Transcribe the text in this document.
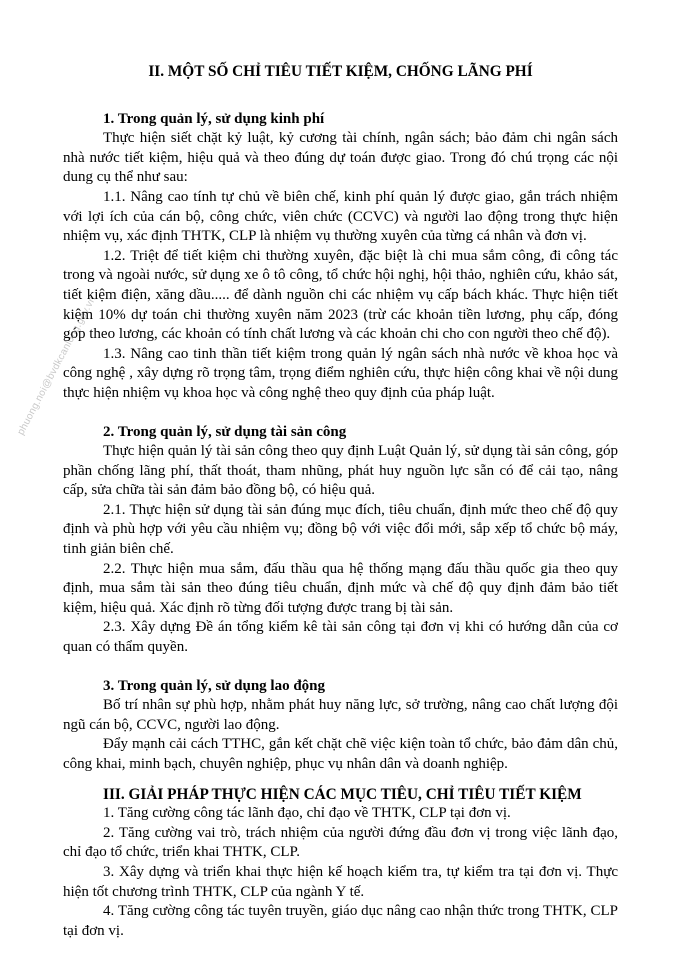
phuong.noi@bvdkcanlong.gov.vn
II. MỘT SỐ CHỈ TIÊU TIẾT KIỆM, CHỐNG LÃNG PHÍ
1. Trong quản lý, sử dụng kinh phí

Thực hiện siết chặt kỷ luật, kỷ cương tài chính, ngân sách; bảo đảm chi ngân sách nhà nước tiết kiệm, hiệu quả và theo đúng dự toán được giao. Trong đó chú trọng các nội dung cụ thể như sau:

1.1. Nâng cao tính tự chủ về biên chế, kinh phí quản lý được giao, gắn trách nhiệm với lợi ích của cán bộ, công chức, viên chức (CCVC) và người lao động trong thực hiện nhiệm vụ, xác định THTK, CLP là nhiệm vụ thường xuyên của từng cá nhân và đơn vị.

1.2. Triệt để tiết kiệm chi thường xuyên, đặc biệt là chi mua sắm công, đi công tác trong và ngoài nước, sử dụng xe ô tô công, tổ chức hội nghị, hội thảo, nghiên cứu, khảo sát, tiết kiệm điện, xăng dầu..... để dành nguồn chi các nhiệm vụ cấp bách khác. Thực hiện tiết kiệm 10% dự toán chi thường xuyên năm 2023 (trừ các khoản tiền lương, phụ cấp, đóng góp theo lương, các khoản có tính chất lương và các khoản chi cho con người theo chế độ).

1.3. Nâng cao tinh thần tiết kiệm trong quản lý ngân sách nhà nước về khoa học và công nghệ , xây dựng rõ trọng tâm, trọng điểm nghiên cứu, thực hiện công khai về nội dung thực hiện nhiệm vụ khoa học và công nghệ theo quy định của pháp luật.

2. Trong quản lý, sử dụng tài sản công

Thực hiện quản lý tài sản công theo quy định Luật Quản lý, sử dụng tài sản công, góp phần chống lãng phí, thất thoát, tham nhũng, phát huy nguồn lực sẵn có để cải tạo, nâng cấp, sửa chữa tài sản đảm bảo đồng bộ, có hiệu quả.

2.1. Thực hiện sử dụng tài sản đúng mục đích, tiêu chuẩn, định mức theo chế độ quy định và phù hợp với yêu cầu nhiệm vụ; đồng bộ với việc đổi mới, sắp xếp tổ chức bộ máy, tinh giản biên chế.

2.2. Thực hiện mua sắm, đấu thầu qua hệ thống mạng đấu thầu quốc gia theo quy định, mua sắm tài sản theo đúng tiêu chuẩn, định mức và chế độ quy định đảm bảo tiết kiệm, hiệu quả. Xác định rõ từng đối tượng được trang bị tài sản.

2.3. Xây dựng Đề án tổng kiểm kê tài sản công tại đơn vị khi có hướng dẫn của cơ quan có thẩm quyền.

3. Trong quản lý, sử dụng lao động

Bố trí nhân sự phù hợp, nhằm phát huy năng lực, sở trường, nâng cao chất lượng đội ngũ cán bộ, CCVC, người lao động.

Đẩy mạnh cải cách TTHC, gắn kết chặt chẽ việc kiện toàn tổ chức, bảo đảm dân chủ, công khai, minh bạch, chuyên nghiệp, phục vụ nhân dân và doanh nghiệp.

III. GIẢI PHÁP THỰC HIỆN CÁC MỤC TIÊU, CHỈ TIÊU TIẾT KIỆM

1. Tăng cường công tác lãnh đạo, chỉ đạo về THTK, CLP tại đơn vị.

2. Tăng cường vai trò, trách nhiệm của người đứng đầu đơn vị trong việc lãnh đạo, chỉ đạo tổ chức, triển khai THTK, CLP.

3. Xây dựng và triển khai thực hiện kế hoạch kiểm tra, tự kiểm tra tại đơn vị. Thực hiện tốt chương trình THTK, CLP của ngành Y tế.

4. Tăng cường công tác tuyên truyền, giáo dục nâng cao nhận thức trong THTK, CLP tại đơn vị.
